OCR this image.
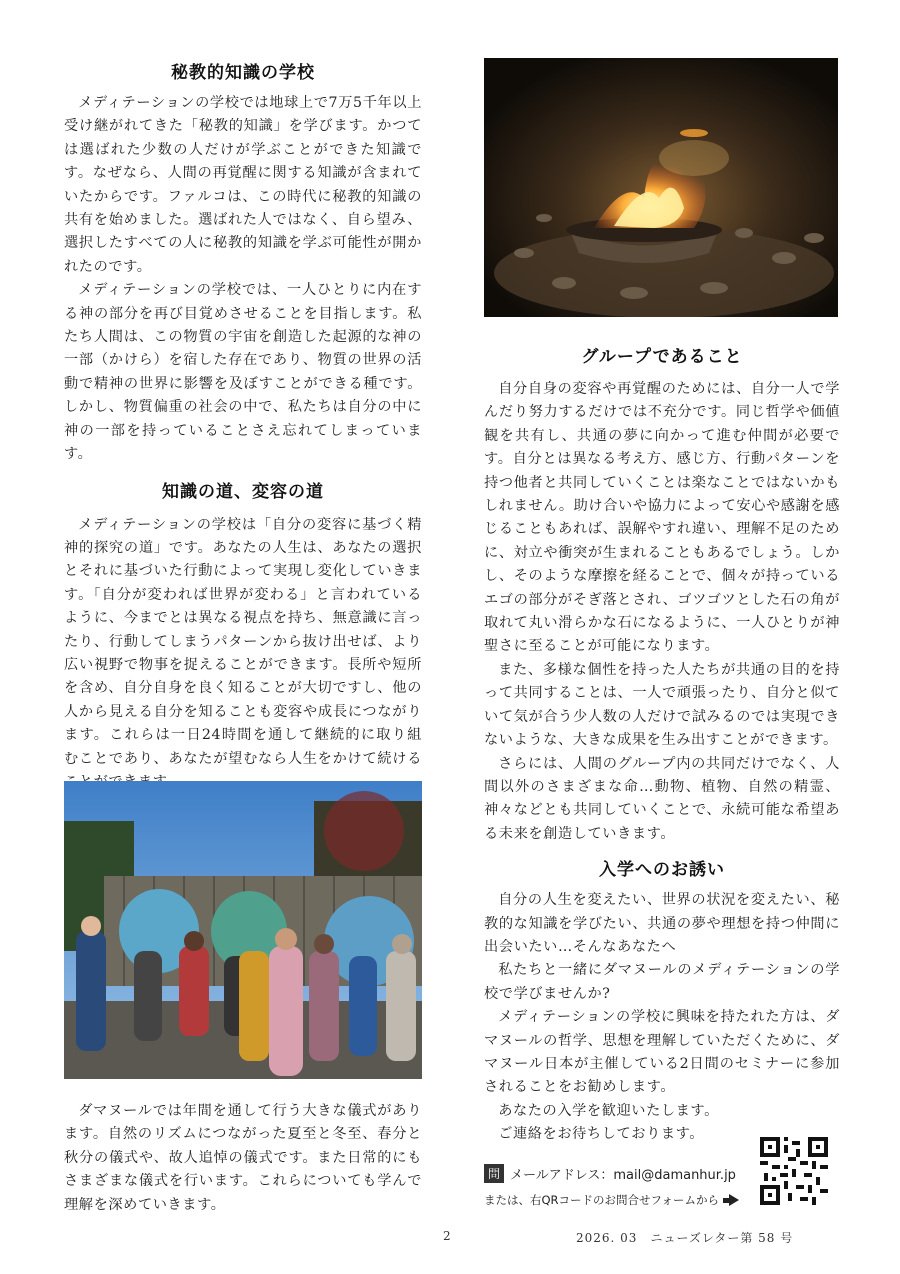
秘教的知識の学校

メディテーションの学校では地球上で7万5千年以上受け継がれてきた「秘教的知識」を学びます。かつては選ばれた少数の人だけが学ぶことができた知識です。なぜなら、人間の再覚醒に関する知識が含まれていたからです。ファルコは、この時代に秘教的知識の共有を始めました。選ばれた人ではなく、自ら望み、選択したすべての人に秘教的知識を学ぶ可能性が開かれたのです。

メディテーションの学校では、一人ひとりに内在する神の部分を再び目覚めさせることを目指します。私たち人間は、この物質の宇宙を創造した起源的な神の一部（かけら）を宿した存在であり、物質の世界の活動で精神の世界に影響を及ぼすことができる種です。しかし、物質偏重の社会の中で、私たちは自分の中に神の一部を持っていることさえ忘れてしまっています。

知識の道、変容の道

メディテーションの学校は「自分の変容に基づく精神的探究の道」です。あなたの人生は、あなたの選択とそれに基づいた行動によって実現し変化していきます。「自分が変われば世界が変わる」と言われているように、今までとは異なる視点を持ち、無意識に言ったり、行動してしまうパターンから抜け出せば、より広い視野で物事を捉えることができます。長所や短所を含め、自分自身を良く知ることが大切ですし、他の人から見える自分を知ることも変容や成長につながります。これらは一日24時間を通して継続的に取り組むことであり、あなたが望むなら人生をかけて続ける

ダマヌールでは年間を通して行う大きな儀式があります。自然のリズムにつながった夏至と冬至、春分と秋分の儀式や、故人追悼の儀式です。また日常的にもさまざまな儀式を行います。これらについても学んで理解を深めていきます。

グループであること

自分自身の変容や再覚醒のためには、自分一人で学んだり努力するだけでは不充分です。同じ哲学や価値観を共有し、共通の夢に向かって進む仲間が必要です。自分とは異なる考え方、感じ方、行動パターンを持つ他者と共同していくことは楽なことではないかもしれません。助け合いや協力によって安心や感謝を感じることもあれば、誤解やすれ違い、理解不足のために、対立や衝突が生まれることもあるでしょう。しかし、そのような摩擦を経ることで、個々が持っているエゴの部分がそぎ落とされ、ゴツゴツとした石の角が取れて丸い滑らかな石になるように、一人ひとりが神聖さに至ることが可能になります。

また、多様な個性を持った人たちが共通の目的を持って共同することは、一人で頑張ったり、自分と似ていて気が合う少人数の人だけで試みるのでは実現できないような、大きな成果を生み出すことができます。

さらには、人間のグループ内の共同だけでなく、人間以外のさまざまな命…動物、植物、自然の精霊、神々などとも共同していくことで、永続可能な希望ある未来を創造していきます。

入学へのお誘い

自分の人生を変えたい、世界の状況を変えたい、秘教的な知識を学びたい、共通の夢や理想を持つ仲間に出会いたい…そんなあなたへ

私たちと一緒にダマヌールのメディテーションの学校で学びませんか?

メディテーションの学校に興味を持たれた方は、ダマヌールの哲学、思想を理解していただくために、ダマヌール日本が主催している2日間のセミナーに参加されることをお勧めします。

あなたの入学を歓迎いたします。

ご連絡をお待ちしております。

問 メールアドレス：mail@damanhur.jp
または、右QRコードのお問合せフォームから
2	2026. 03　ニューズレター第 58 号
